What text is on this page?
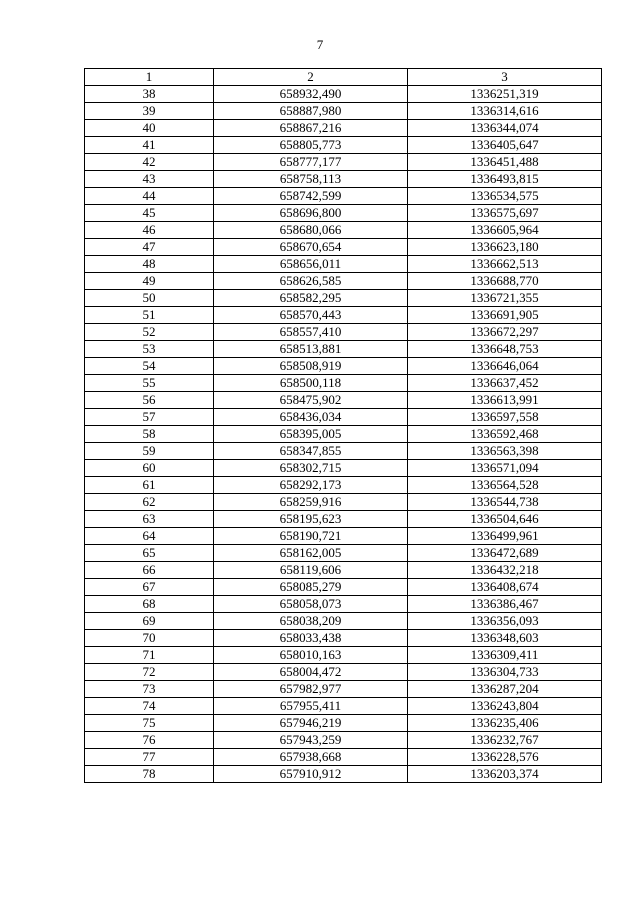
7
1	2	3
38	658932,490	1336251,319
39	658887,980	1336314,616
40	658867,216	1336344,074
41	658805,773	1336405,647
42	658777,177	1336451,488
43	658758,113	1336493,815
44	658742,599	1336534,575
45	658696,800	1336575,697
46	658680,066	1336605,964
47	658670,654	1336623,180
48	658656,011	1336662,513
49	658626,585	1336688,770
50	658582,295	1336721,355
51	658570,443	1336691,905
52	658557,410	1336672,297
53	658513,881	1336648,753
54	658508,919	1336646,064
55	658500,118	1336637,452
56	658475,902	1336613,991
57	658436,034	1336597,558
58	658395,005	1336592,468
59	658347,855	1336563,398
60	658302,715	1336571,094
61	658292,173	1336564,528
62	658259,916	1336544,738
63	658195,623	1336504,646
64	658190,721	1336499,961
65	658162,005	1336472,689
66	658119,606	1336432,218
67	658085,279	1336408,674
68	658058,073	1336386,467
69	658038,209	1336356,093
70	658033,438	1336348,603
71	658010,163	1336309,411
72	658004,472	1336304,733
73	657982,977	1336287,204
74	657955,411	1336243,804
75	657946,219	1336235,406
76	657943,259	1336232,767
77	657938,668	1336228,576
78	657910,912	1336203,374
